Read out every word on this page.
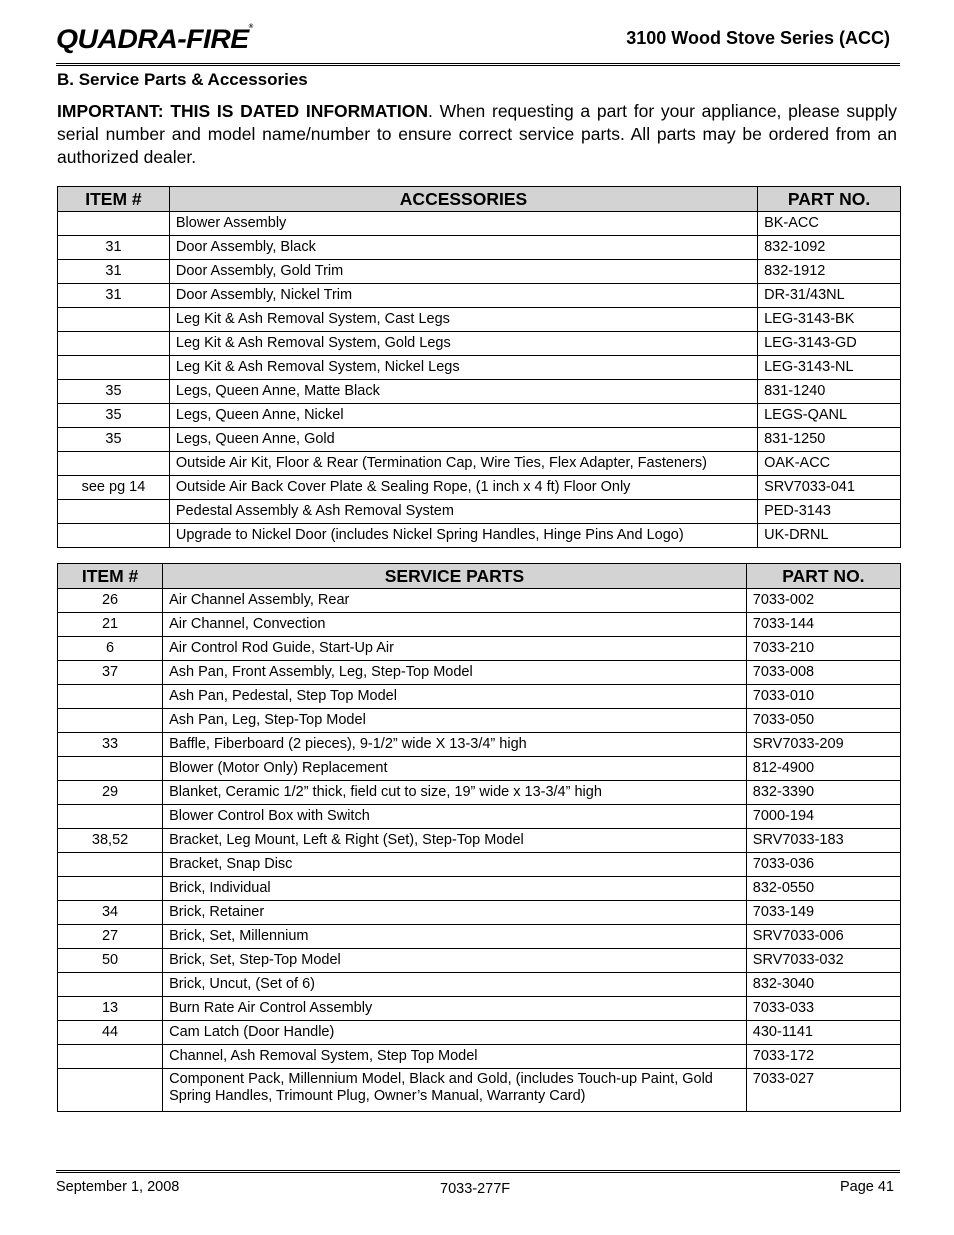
QUADRA-FIRE®
3100 Wood Stove Series (ACC)
B. Service Parts & Accessories
IMPORTANT: THIS IS DATED INFORMATION. When requesting a part for your appliance, please supply serial number and model name/number to ensure correct service parts. All parts may be ordered from an authorized dealer.
ITEM #	ACCESSORIES	PART NO.
	Blower Assembly	BK-ACC
31	Door Assembly, Black	832-1092
31	Door Assembly, Gold Trim	832-1912
31	Door Assembly, Nickel Trim	DR-31/43NL
	Leg Kit & Ash Removal System, Cast Legs	LEG-3143-BK
	Leg Kit & Ash Removal System, Gold Legs	LEG-3143-GD
	Leg Kit & Ash Removal System, Nickel Legs	LEG-3143-NL
35	Legs, Queen Anne, Matte Black	831-1240
35	Legs, Queen Anne, Nickel	LEGS-QANL
35	Legs, Queen Anne, Gold	831-1250
	Outside Air Kit, Floor & Rear (Termination Cap, Wire Ties, Flex Adapter, Fasteners)	OAK-ACC
see pg 14	Outside Air Back Cover Plate & Sealing Rope, (1 inch x 4 ft) Floor Only	SRV7033-041
	Pedestal Assembly & Ash Removal System	PED-3143
	Upgrade to Nickel Door (includes Nickel Spring Handles, Hinge Pins And Logo)	UK-DRNL
ITEM #	SERVICE PARTS	PART NO.
26	Air Channel Assembly, Rear	7033-002
21	Air Channel, Convection	7033-144
6	Air Control Rod Guide, Start-Up Air	7033-210
37	Ash Pan, Front Assembly, Leg, Step-Top Model	7033-008
	Ash Pan, Pedestal, Step Top Model	7033-010
	Ash Pan, Leg, Step-Top Model	7033-050
33	Baffle, Fiberboard (2 pieces), 9-1/2” wide X 13-3/4” high	SRV7033-209
	Blower (Motor Only) Replacement	812-4900
29	Blanket, Ceramic 1/2” thick, field cut to size, 19” wide x 13-3/4” high	832-3390
	Blower Control Box with Switch	7000-194
38,52	Bracket, Leg Mount, Left & Right (Set), Step-Top Model	SRV7033-183
	Bracket, Snap Disc	7033-036
	Brick, Individual	832-0550
34	Brick, Retainer	7033-149
27	Brick, Set, Millennium	SRV7033-006
50	Brick, Set, Step-Top Model	SRV7033-032
	Brick, Uncut, (Set of 6)	832-3040
13	Burn Rate Air Control Assembly	7033-033
44	Cam Latch (Door Handle)	430-1141
	Channel, Ash Removal System, Step Top Model	7033-172
	Component Pack, Millennium Model, Black and Gold, (includes Touch-up Paint, Gold Spring Handles, Trimount Plug, Owner’s Manual, Warranty Card)	7033-027
September 1, 2008	7033-277F	Page 41
